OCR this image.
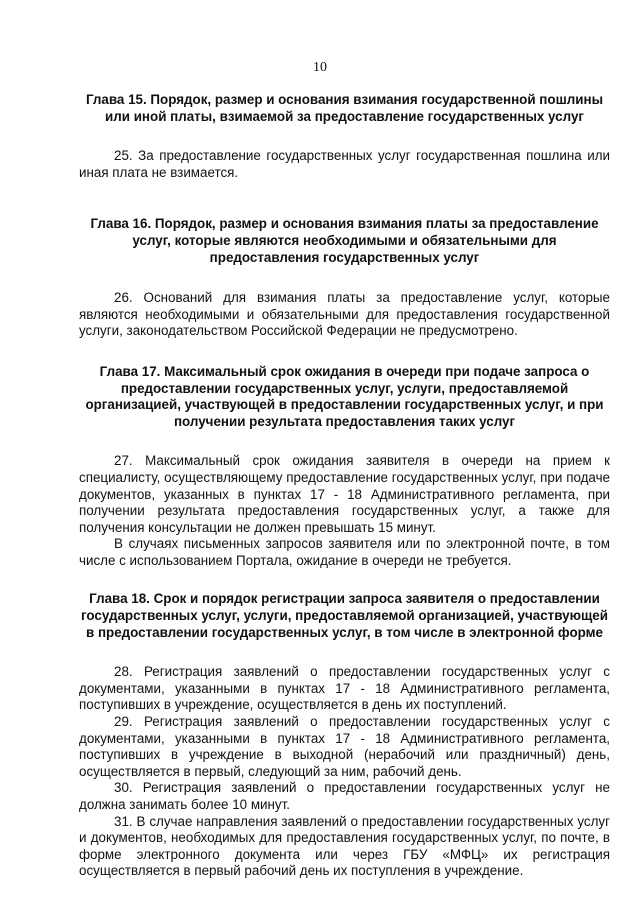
10
Глава 15. Порядок, размер и основания взимания государственной пошлины или иной платы, взимаемой за предоставление государственных услуг

25. За предоставление государственных услуг государственная пошлина или иная плата не взимается.

Глава 16. Порядок, размер и основания взимания платы за предоставление услуг, которые являются необходимыми и обязательными для предоставления государственных услуг

26. Оснований для взимания платы за предоставление услуг, которые являются необходимыми и обязательными для предоставления государственной услуги, законодательством Российской Федерации не предусмотрено.

Глава 17. Максимальный срок ожидания в очереди при подаче запроса о предоставлении государственных услуг, услуги, предоставляемой организацией, участвующей в предоставлении государственных услуг, и при получении результата предоставления таких услуг

27. Максимальный срок ожидания заявителя в очереди на прием к специалисту, осуществляющему предоставление государственных услуг, при подаче документов, указанных в пунктах 17 - 18 Административного регламента, при получении результата предоставления государственных услуг, а также для получения консультации не должен превышать 15 минут.

В случаях письменных запросов заявителя или по электронной почте, в том числе с использованием Портала, ожидание в очереди не требуется.

Глава 18. Срок и порядок регистрации запроса заявителя о предоставлении государственных услуг, услуги, предоставляемой организацией, участвующей в предоставлении государственных услуг, в том числе в электронной форме

28. Регистрация заявлений о предоставлении государственных услуг с документами, указанными в пунктах 17 - 18 Административного регламента, поступивших в учреждение, осуществляется в день их поступлений.

29. Регистрация заявлений о предоставлении государственных услуг с документами, указанными в пунктах 17 - 18 Административного регламента, поступивших в учреждение в выходной (нерабочий или праздничный) день, осуществляется в первый, следующий за ним, рабочий день.

30. Регистрация заявлений о предоставлении государственных услуг не должна занимать более 10 минут.

31. В случае направления заявлений о предоставлении государственных услуг и документов, необходимых для предоставления государственных услуг, по почте, в форме электронного документа или через ГБУ «МФЦ» их регистрация осуществляется в первый рабочий день их поступления в учреждение.
